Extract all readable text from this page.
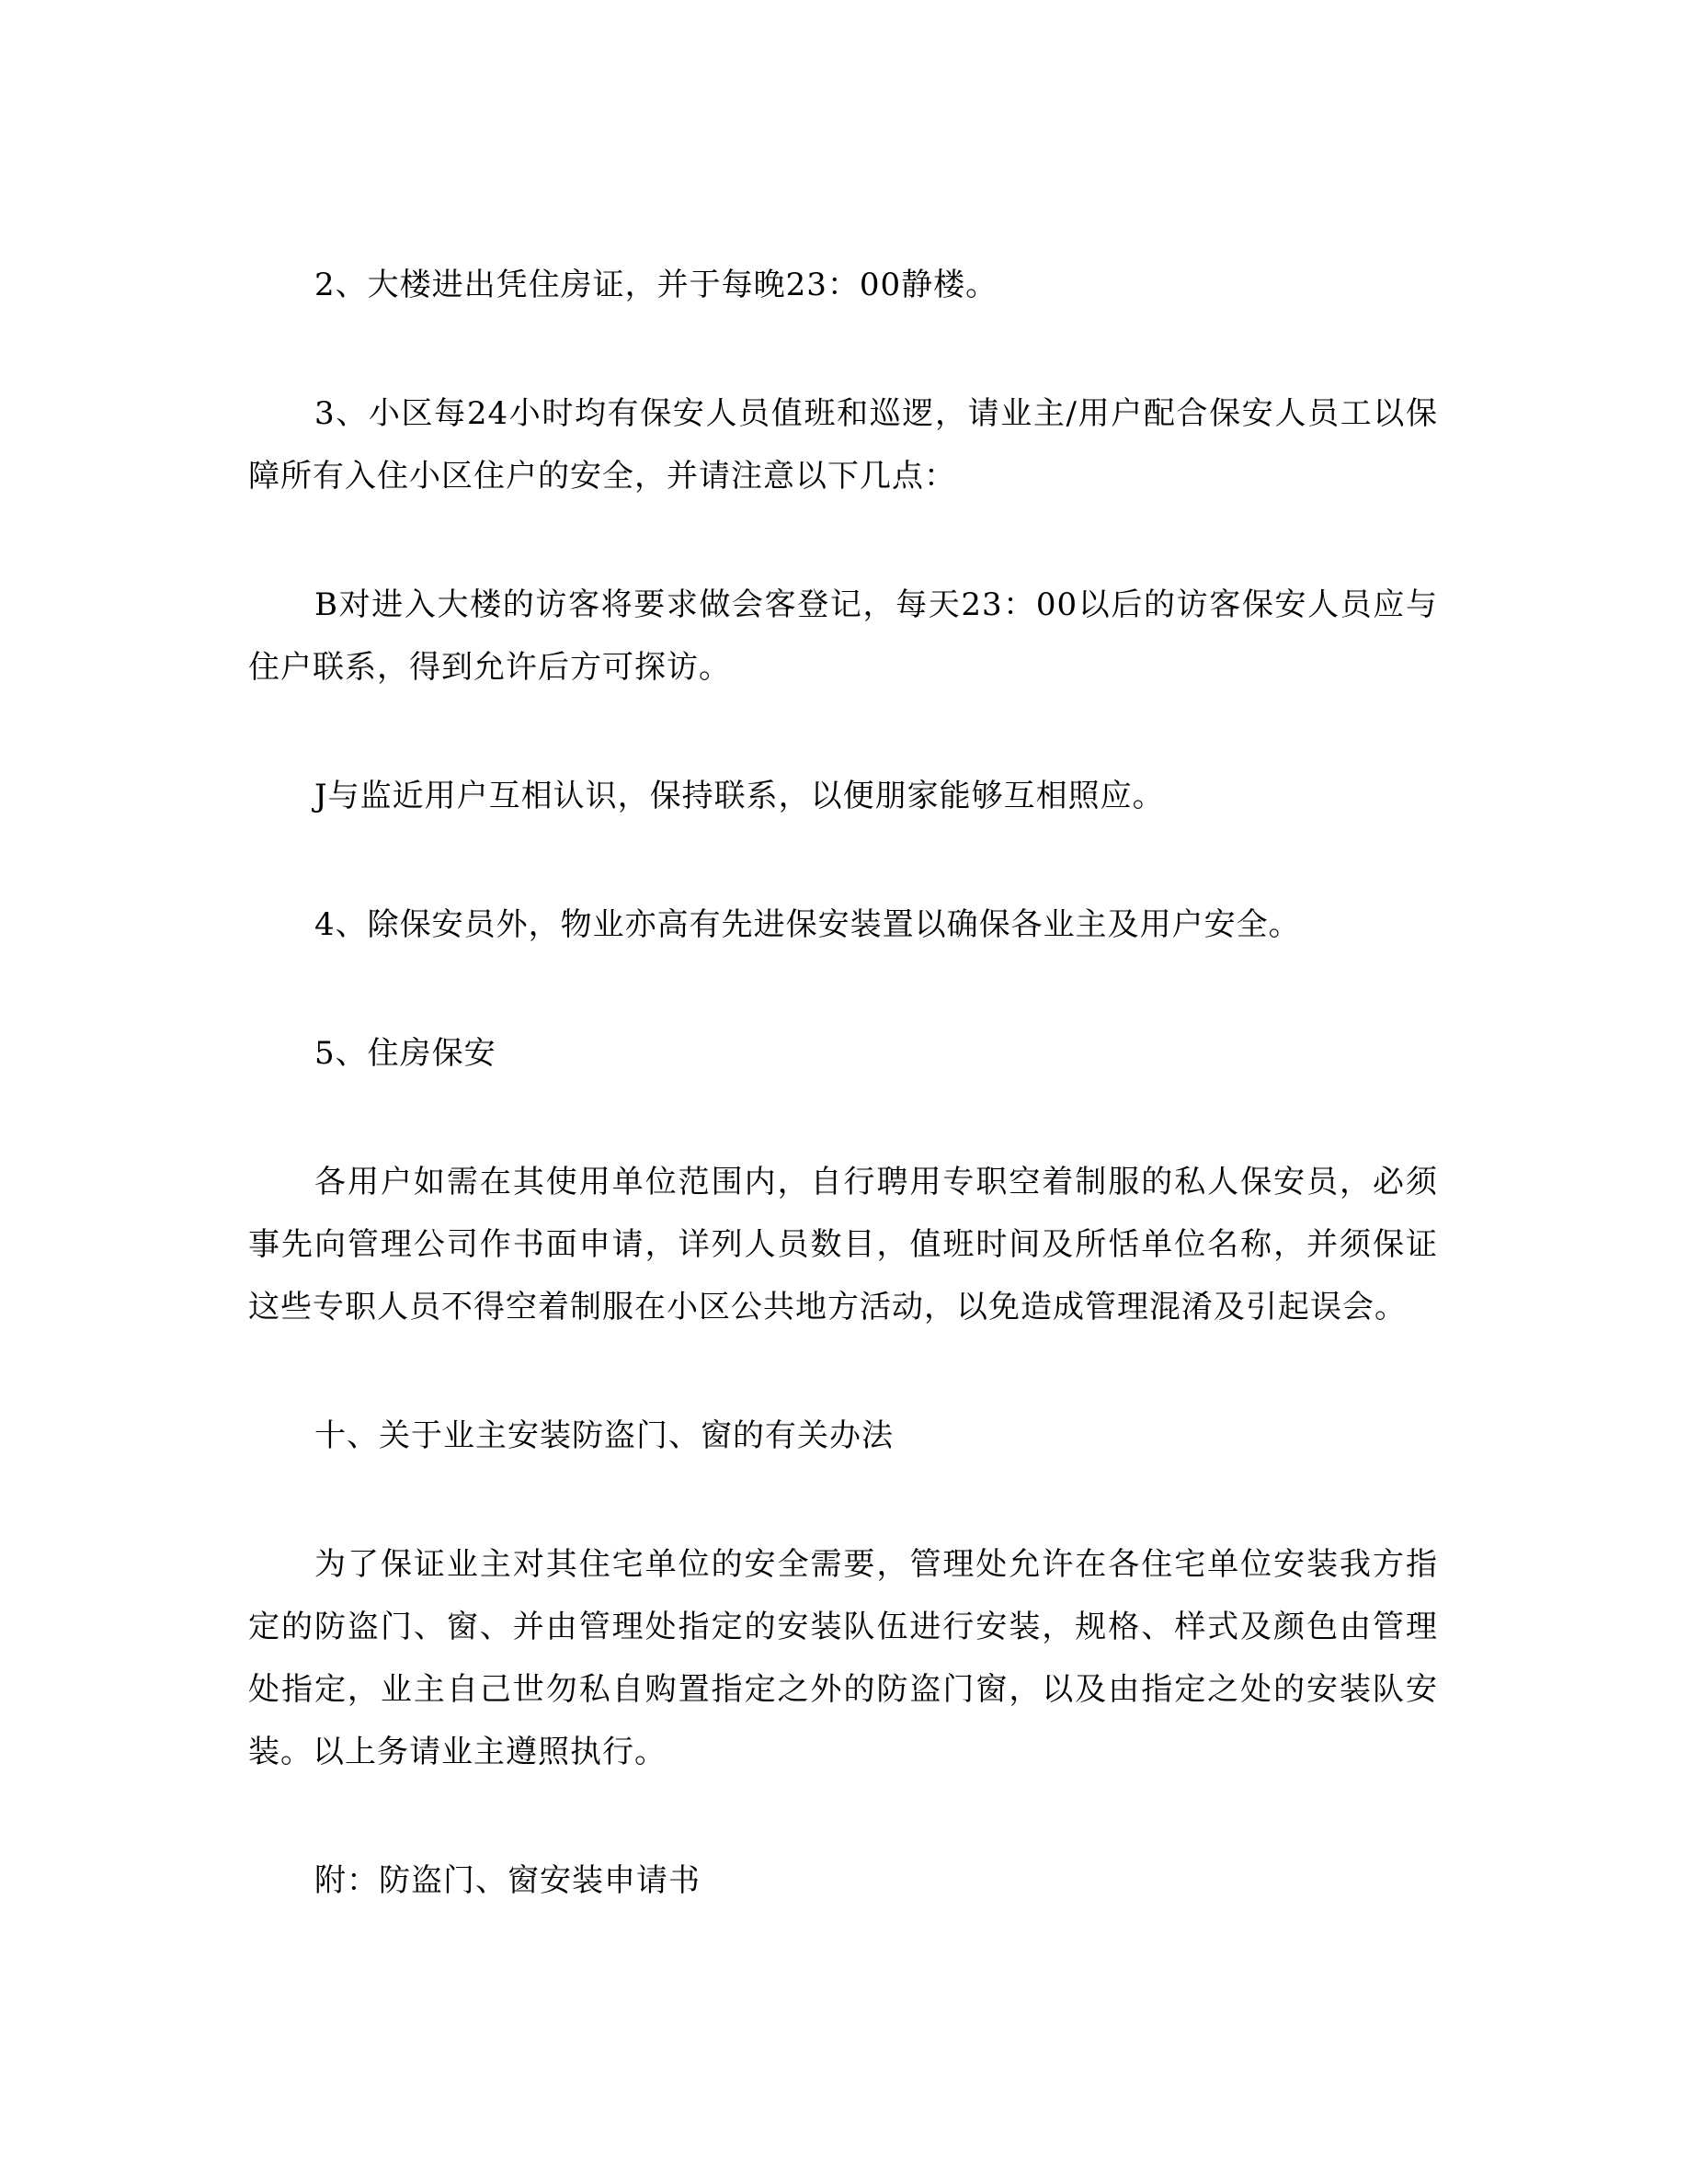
2、大楼进出凭住房证，并于每晚23：00静楼。

3、小区每24小时均有保安人员值班和巡逻，请业主/用户配合保安人员工以保障所有入住小区住户的安全，并请注意以下几点：

B对进入大楼的访客将要求做会客登记，每天23：00以后的访客保安人员应与住户联系，得到允许后方可探访。

J与监近用户互相认识，保持联系，以便朋家能够互相照应。

4、除保安员外，物业亦高有先进保安装置以确保各业主及用户安全。

5、住房保安

各用户如需在其使用单位范围内，自行聘用专职空着制服的私人保安员，必须事先向管理公司作书面申请，详列人员数目，值班时间及所恬单位名称，并须保证这些专职人员不得空着制服在小区公共地方活动，以免造成管理混淆及引起误会。

十、关于业主安装防盗门、窗的有关办法

为了保证业主对其住宅单位的安全需要，管理处允许在各住宅单位安装我方指定的防盗门、窗、并由管理处指定的安装队伍进行安装，规格、样式及颜色由管理处指定，业主自己世勿私自购置指定之外的防盗门窗，以及由指定之处的安装队安装。以上务请业主遵照执行。

附：防盗门、窗安装申请书
